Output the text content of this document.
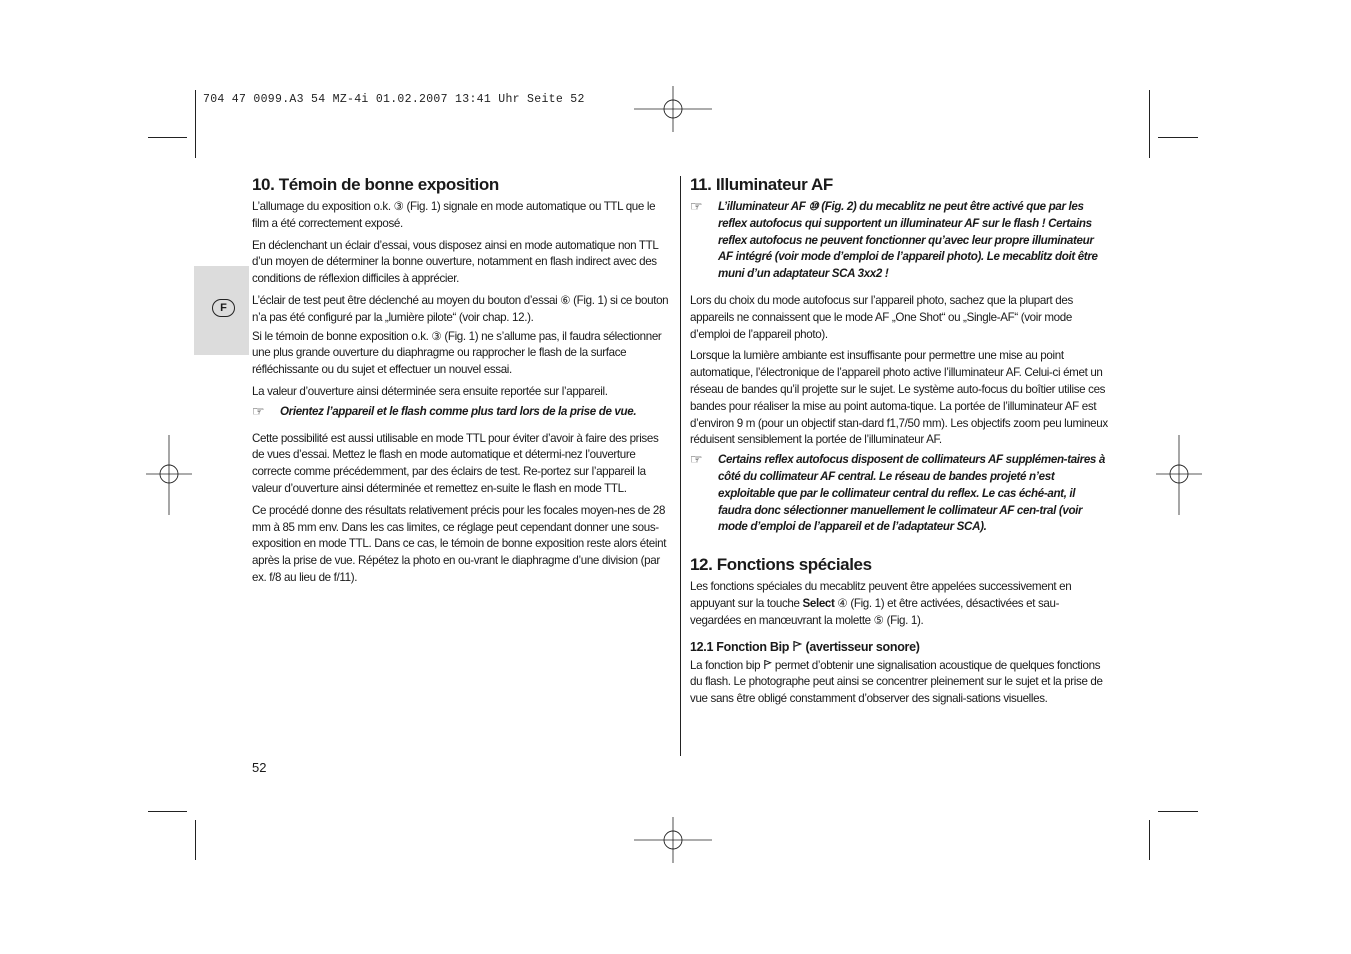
704 47 0099.A3 54 MZ-4i 01.02.2007 13:41 Uhr Seite 52
F
10. Témoin de bonne exposition

L’allumage du exposition o.k. ③ (Fig. 1) signale en mode automatique ou TTL que le film a été correctement exposé.

En déclenchant un éclair d’essai, vous disposez ainsi en mode automatique non TTL d’un moyen de déterminer la bonne ouverture, notamment en flash indirect avec des conditions de réflexion difficiles à apprécier.

L’éclair de test peut être déclenché au moyen du bouton d’essai ⑥ (Fig. 1) si ce bouton n’a pas été configuré par la „lumière pilote“ (voir chap. 12.).

Si le témoin de bonne exposition o.k. ③ (Fig. 1) ne s’allume pas, il faudra sélectionner une plus grande ouverture du diaphragme ou rapprocher le flash de la surface réfléchissante ou du sujet et effectuer un nouvel essai.

La valeur d’ouverture ainsi déterminée sera ensuite reportée sur l’appareil.

☞ Orientez l’appareil et le flash comme plus tard lors de la prise de vue.

Cette possibilité est aussi utilisable en mode TTL pour éviter d’avoir à faire des prises de vues d’essai. Mettez le flash en mode automatique et détermi-nez l’ouverture correcte comme précédemment, par des éclairs de test. Re-portez sur l’appareil la valeur d’ouverture ainsi déterminée et remettez en-suite le flash en mode TTL.

Ce procédé donne des résultats relativement précis pour les focales moyen-nes de 28 mm à 85 mm env. Dans les cas limites, ce réglage peut cependant donner une sous-exposition en mode TTL. Dans ce cas, le témoin de bonne exposition reste alors éteint après la prise de vue. Répétez la photo en ou-vrant le diaphragme d’une division (par ex. f/8 au lieu de f/11).

11. Illuminateur AF
☞ L’illuminateur AF ⑩ (Fig. 2) du mecablitz ne peut être activé que par les reflex autofocus qui supportent un illuminateur AF sur le flash ! Certains reflex autofocus ne peuvent fonctionner qu’avec leur propre illuminateur AF intégré (voir mode d’emploi de l’appareil photo). Le mecablitz doit être muni d’un adaptateur SCA 3xx2 !

Lors du choix du mode autofocus sur l’appareil photo, sachez que la plupart des appareils ne connaissent que le mode AF „One Shot“ ou „Single-AF“ (voir mode d’emploi de l’appareil photo).

Lorsque la lumière ambiante est insuffisante pour permettre une mise au point automatique, l’électronique de l’appareil photo active l’illuminateur AF. Celui-ci émet un réseau de bandes qu’il projette sur le sujet. Le système auto-focus du boîtier utilise ces bandes pour réaliser la mise au point automa-tique. La portée de l’illuminateur AF est d’environ 9 m (pour un objectif stan-dard f1,7/50 mm). Les objectifs zoom peu lumineux réduisent sensiblement la portée de l’illuminateur AF.

☞ Certains reflex autofocus disposent de collimateurs AF supplémen-taires à côté du collimateur AF central. Le réseau de bandes projeté n’est exploitable que par le collimateur central du reflex. Le cas éché-ant, il faudra donc sélectionner manuellement le collimateur AF cen-tral (voir mode d’emploi de l’appareil et de l’adaptateur SCA).
12. Fonctions spéciales

Les fonctions spéciales du mecablitz peuvent être appelées successivement en appuyant sur la touche Select ④ (Fig. 1) et être activées, désactivées et sau-vegardées en manœuvrant la molette ⑤ (Fig. 1).

12.1 Fonction Bip (avertisseur sonore)

La fonction bip permet d’obtenir une signalisation acoustique de quelques fonctions du flash. Le photographe peut ainsi se concentrer pleinement sur le sujet et la prise de vue sans être obligé constamment d’observer des signali-sations visuelles.

52
